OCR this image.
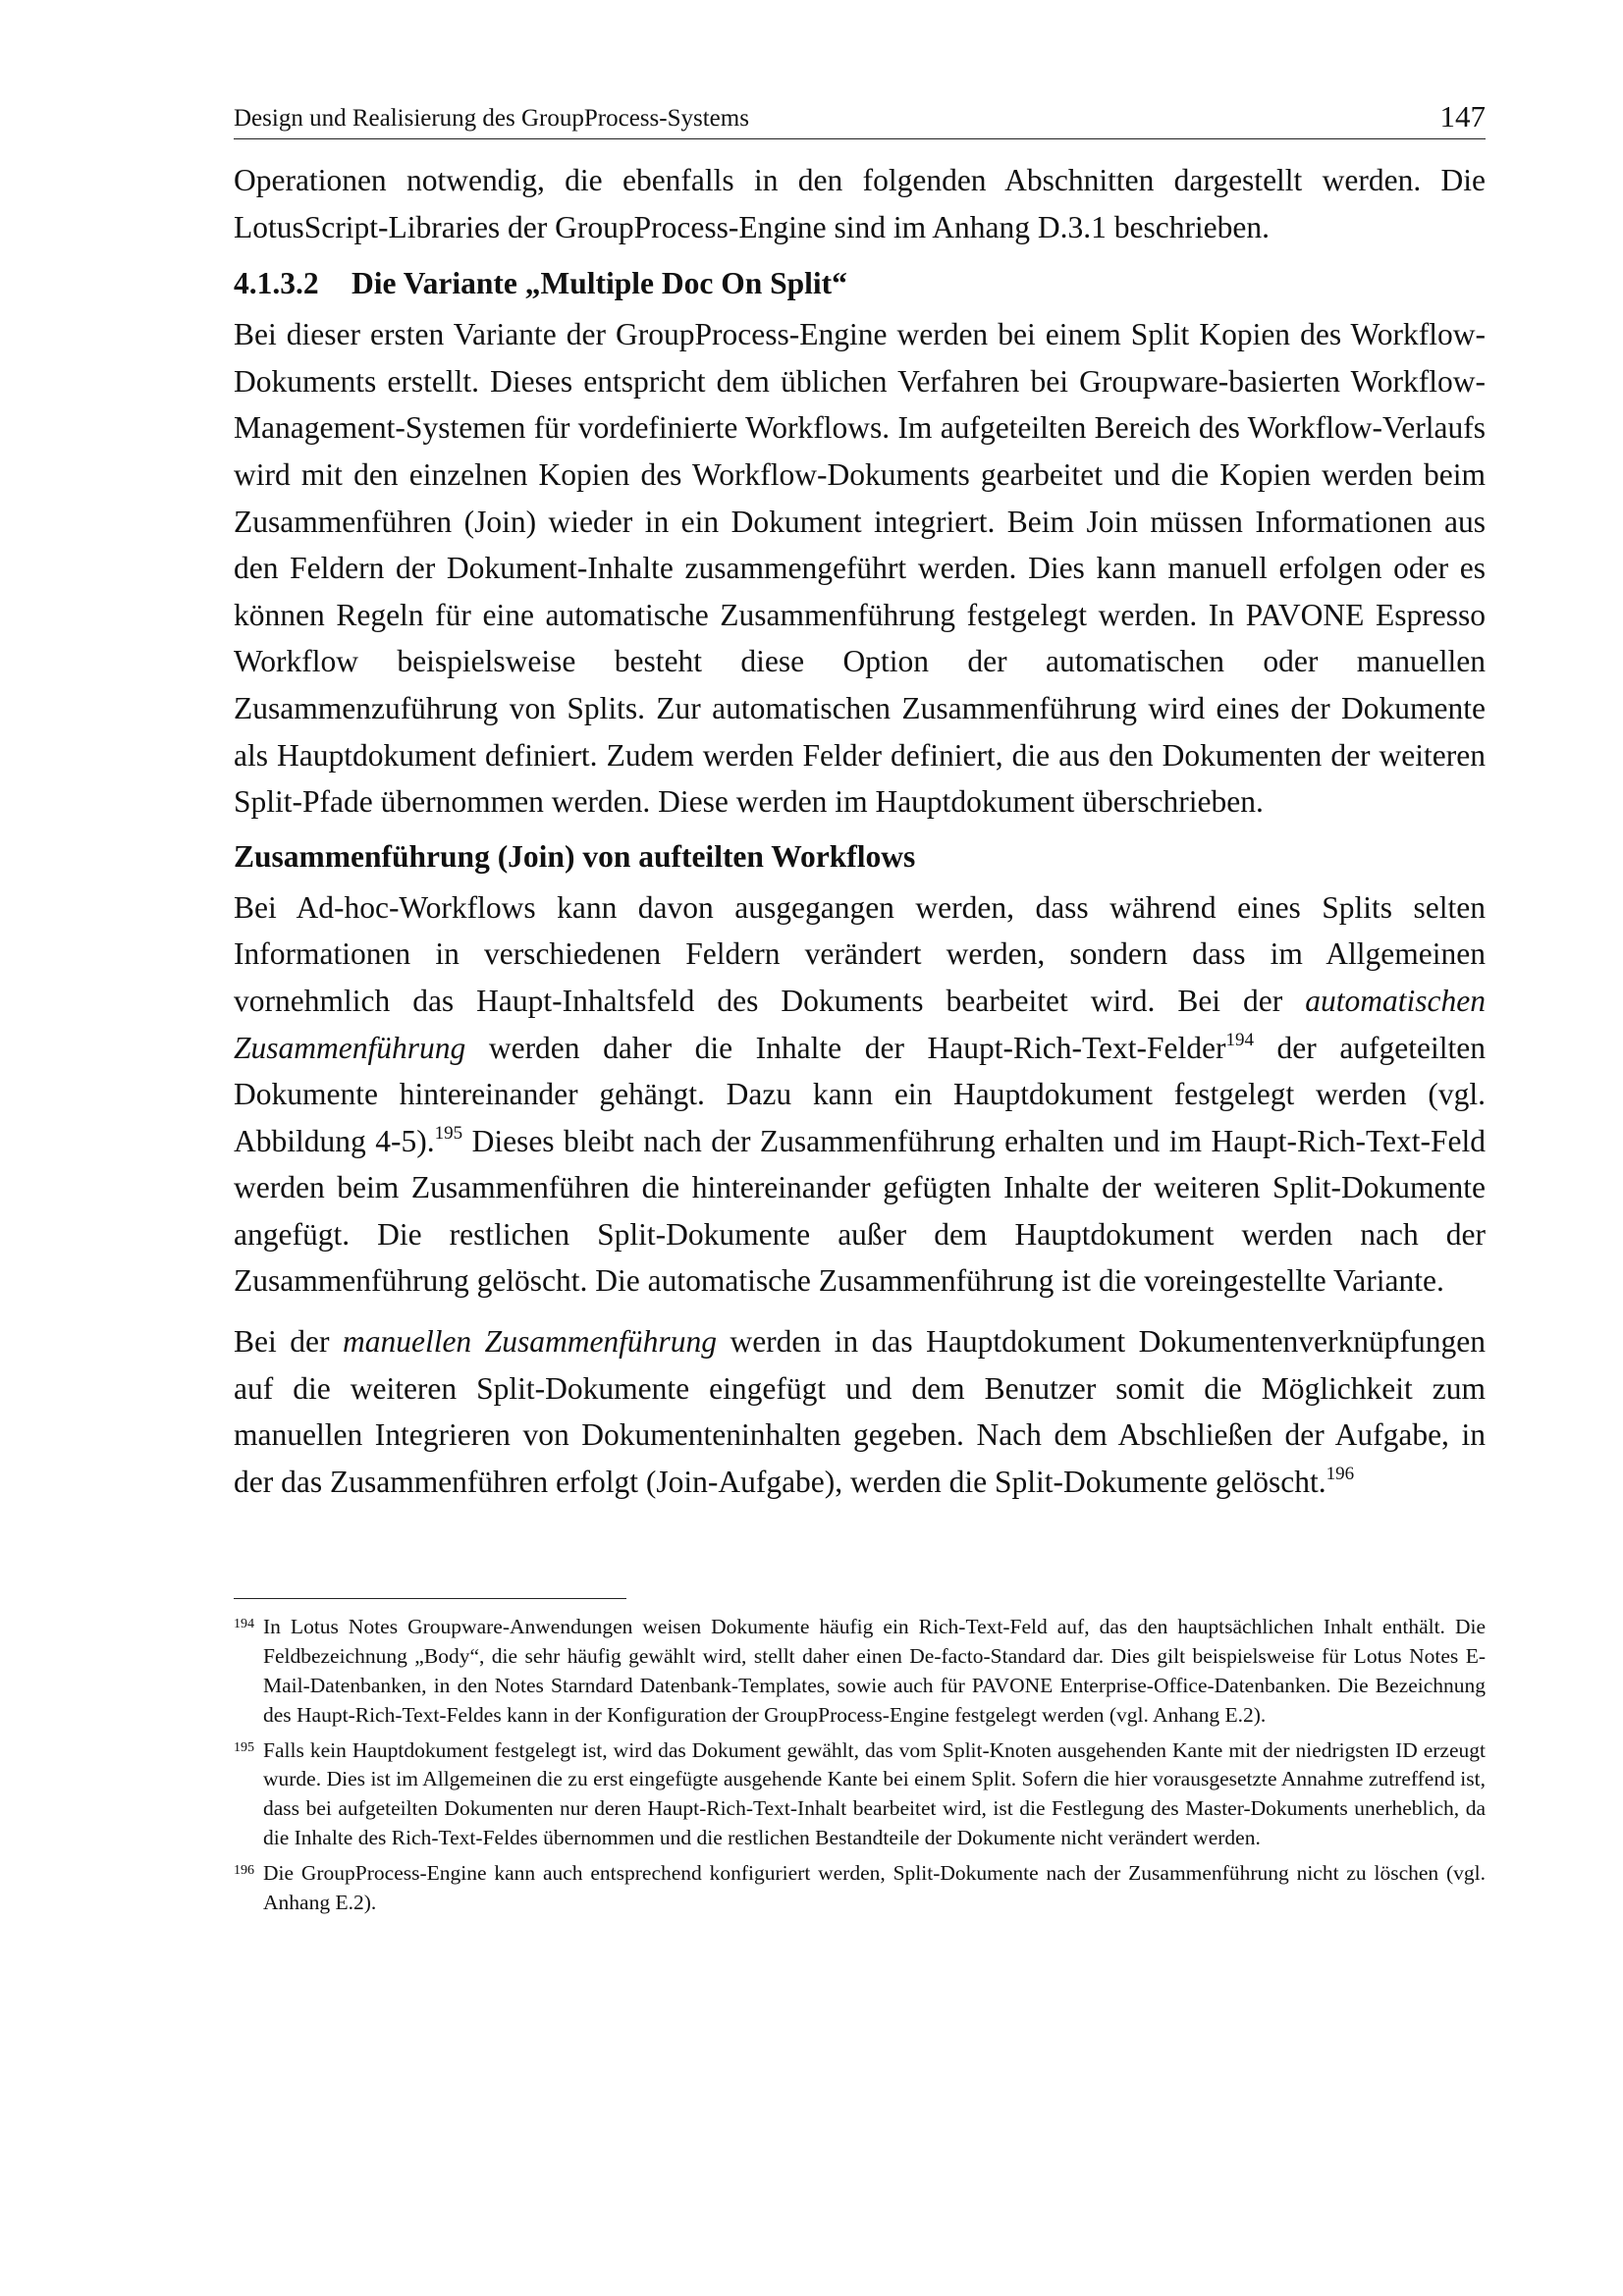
Design und Realisierung des GroupProcess-Systems	147

Operationen notwendig, die ebenfalls in den folgenden Abschnitten dargestellt werden. Die LotusScript-Libraries der GroupProcess-Engine sind im Anhang D.3.1 beschrieben.

4.1.3.2 Die Variante „Multiple Doc On Split“

Bei dieser ersten Variante der GroupProcess-Engine werden bei einem Split Kopien des Workflow-Dokuments erstellt. Dieses entspricht dem üblichen Verfahren bei Groupware-basierten Workflow-Management-Systemen für vordefinierte Workflows. Im aufgeteilten Bereich des Workflow-Verlaufs wird mit den einzelnen Kopien des Workflow-Dokuments gearbeitet und die Kopien werden beim Zusammenführen (Join) wieder in ein Dokument integriert. Beim Join müssen Informationen aus den Feldern der Dokument-Inhalte zusammengeführt werden. Dies kann manuell erfolgen oder es können Regeln für eine automatische Zusammenführung festgelegt werden. In PAVONE Espresso Workflow beispielsweise besteht diese Option der automatischen oder manuellen Zusammenzuführung von Splits. Zur automatischen Zusammenführung wird eines der Dokumente als Hauptdokument definiert. Zudem werden Felder definiert, die aus den Dokumenten der weiteren Split-Pfade übernommen werden. Diese werden im Hauptdokument überschrieben.

Zusammenführung (Join) von aufteilten Workflows

Bei Ad-hoc-Workflows kann davon ausgegangen werden, dass während eines Splits selten Informationen in verschiedenen Feldern verändert werden, sondern dass im Allgemeinen vornehmlich das Haupt-Inhaltsfeld des Dokuments bearbeitet wird. Bei der automatischen Zusammenführung werden daher die Inhalte der Haupt-Rich-Text-Felder$^{194}$ der aufgeteilten Dokumente hintereinander gehängt. Dazu kann ein Hauptdokument festgelegt werden (vgl. Abbildung 4-5).$^{195}$ Dieses bleibt nach der Zusammenführung erhalten und im Haupt-Rich-Text-Feld werden beim Zusammenführen die hintereinander gefügten Inhalte der weiteren Split-Dokumente angefügt. Die restlichen Split-Dokumente außer dem Hauptdokument werden nach der Zusammenführung gelöscht. Die automatische Zusammenführung ist die voreingestellte Variante.

Bei der manuellen Zusammenführung werden in das Hauptdokument Dokumentenverknüpfungen auf die weiteren Split-Dokumente eingefügt und dem Benutzer somit die Möglichkeit zum manuellen Integrieren von Dokumenteninhalten gegeben. Nach dem Abschließen der Aufgabe, in der das Zusammenführen erfolgt (Join-Aufgabe), werden die Split-Dokumente gelöscht.$^{196}$

194 In Lotus Notes Groupware-Anwendungen weisen Dokumente häufig ein Rich-Text-Feld auf, das den hauptsächlichen Inhalt enthält. Die Feldbezeichnung „Body“, die sehr häufig gewählt wird, stellt daher einen De-facto-Standard dar. Dies gilt beispielsweise für Lotus Notes E-Mail-Datenbanken, in den Notes Starndard Datenbank-Templates, sowie auch für PAVONE Enterprise-Office-Datenbanken. Die Bezeichnung des Haupt-Rich-Text-Feldes kann in der Konfiguration der GroupProcess-Engine festgelegt werden (vgl. Anhang E.2).

195 Falls kein Hauptdokument festgelegt ist, wird das Dokument gewählt, das vom Split-Knoten ausgehenden Kante mit der niedrigsten ID erzeugt wurde. Dies ist im Allgemeinen die zu erst eingefügte ausgehende Kante bei einem Split. Sofern die hier vorausgesetzte Annahme zutreffend ist, dass bei aufgeteilten Dokumenten nur deren Haupt-Rich-Text-Inhalt bearbeitet wird, ist die Festlegung des Master-Dokuments unerheblich, da die Inhalte des Rich-Text-Feldes übernommen und die restlichen Bestandteile der Dokumente nicht verändert werden.

196 Die GroupProcess-Engine kann auch entsprechend konfiguriert werden, Split-Dokumente nach der Zusammenführung nicht zu löschen (vgl. Anhang E.2).
